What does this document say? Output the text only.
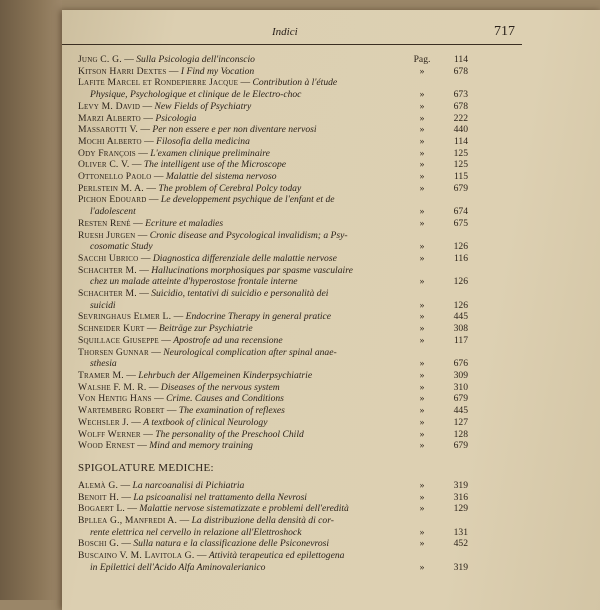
Indici	717
Jung C. G. — Sulla Psicologia dell'inconscio	Pag.	114
Kitson Harri Dextes — I Find my Vocation	»	678
Lafite Marcel et Rondepierre Jacque — Contribution à l'étude
Physique, Psychologique et clinique de le Electro-choc	»	673
Levy M. David — New Fields of Psychiatry	»	678
Marzi Alberto — Psicologia	»	222
Massarotti V. — Per non essere e per non diventare nervosi	»	440
Mochi Alberto — Filosofia della medicina	»	114
Ody François — L'examen clinique preliminaire	»	125
Oliver C. V. — The intelligent use of the Microscope	»	125
Ottonello Paolo — Malattie del sistema nervoso	»	115
Perlstein M. A. — The problem of Cerebral Polcy today	»	679
Pichon Edouard — Le developpement psychique de l'enfant et de
l'adolescent	»	674
Resten René — Ecriture et maladies	»	675
Ruesh Jurgen — Cronic disease and Psycological invalidism; a Psy-
cosomatic Study	»	126
Sacchi Ubrico — Diagnostica differenziale delle malattie nervose	»	116
Schachter M. — Hallucinations morphosiques par spasme vasculaire
chez un malade atteinte d'hyperostose frontale interne	»	126
Schachter M. — Suicidio, tentativi di suicidio e personalità dei
suicidi	»	126
Sevringhaus Elmer L. — Endocrine Therapy in general pratice	»	445
Schneider Kurt — Beiträge zur Psychiatrie	»	308
Squillace Giuseppe — Apostrofe ad una recensione	»	117
Thorsen Gunnar — Neurological complication after spinal anae-
sthesia	»	676
Tramer M. — Lehrbuch der Allgemeinen Kinderpsychiatrie	»	309
Walshe F. M. R. — Diseases of the nervous system	»	310
Von Hentig Hans — Crime. Causes and Conditions	»	679
Wartemberg Robert — The examination of reflexes	»	445
Wechsler J. — A textbook of clinical Neurology	»	127
Wolff Werner — The personality of the Preschool Child	»	128
Wood Ernest — Mind and memory training	»	679
SPIGOLATURE MEDICHE:
Alemà G. — La narcoanalisi di Pichiatria	»	319
Benoit H. — La psicoanalisi nel trattamento della Nevrosi	»	316
Bogaert L. — Malattie nervose sistematizzate e problemi dell'eredità	»	129
Bpllea G., Manfredi A. — La distribuzione della densità di cor-
rente elettrica nel cervello in relazione all'Elettroshock	»	131
Boschi G. — Sulla natura e la classificazione delle Psiconevrosi	»	452
Buscaino V. M. Lavitola G. — Attività terapeutica ed epilettogena
in Epilettici dell'Acido Alfa Aminovalerianico	»	319
